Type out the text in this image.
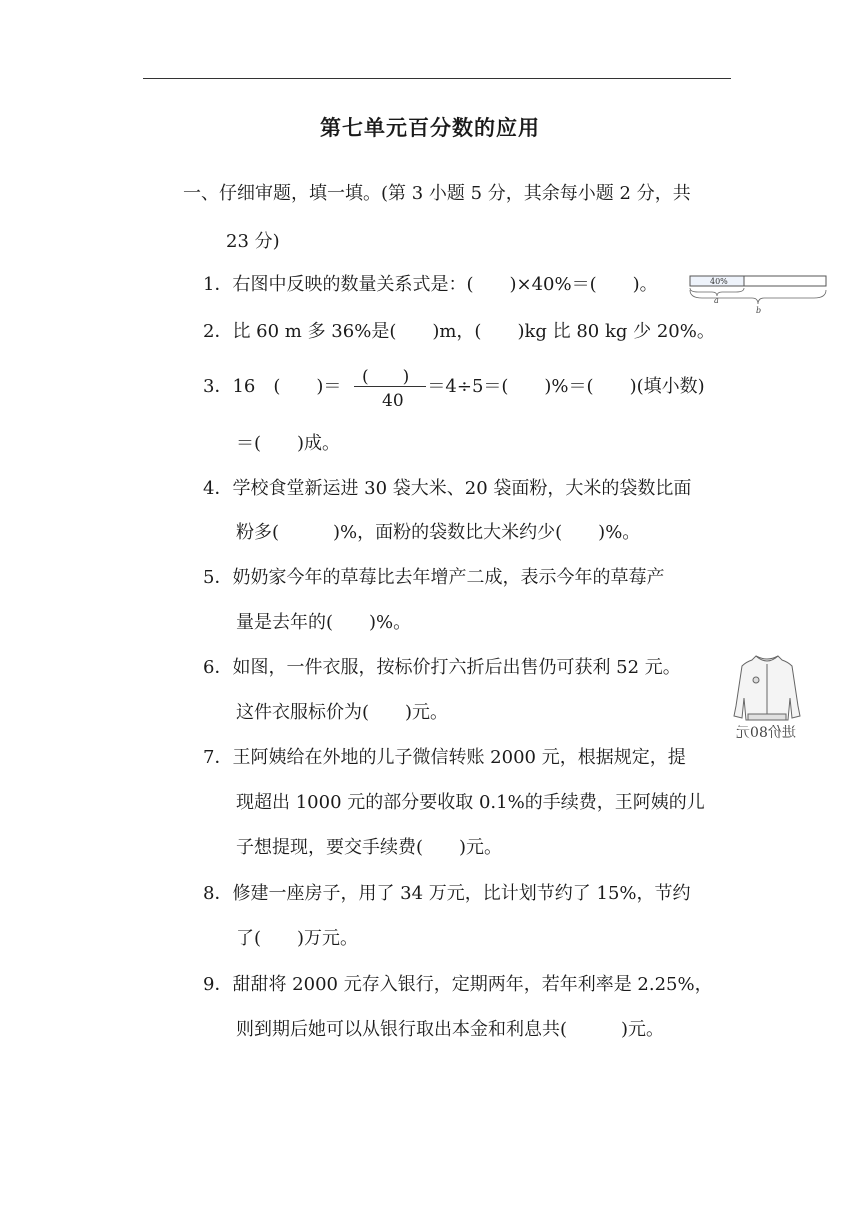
第七单元百分数的应用
一、仔细审题，填一填。(第 3 小题 5 分，其余每小题 2 分，共
23 分)
1．右图中反映的数量关系式是：(　　)×40%＝(　　)。	40%
a
b
2．比 60 m 多 36%是(　　)m，(　　)kg 比 80 kg 少 20%。
3．16　(　　)＝	＝4÷5＝(　　)%＝(　　)(填小数)
(　　)
40
＝(　　)成。
4．学校食堂新运进 30 袋大米、20 袋面粉，大米的袋数比面
粉多(　　　)%，面粉的袋数比大米约少(　　)%。
5．奶奶家今年的草莓比去年增产二成，表示今年的草莓产
量是去年的(　　)%。
6．如图，一件衣服，按标价打六折后出售仍可获利 52 元。
这件衣服标价为(　　)元。
进价80元
7．王阿姨给在外地的儿子微信转账 2000 元，根据规定，提
现超出 1000 元的部分要收取 0.1%的手续费，王阿姨的儿
子想提现，要交手续费(　　)元。
8．修建一座房子，用了 34 万元，比计划节约了 15%，节约
了(　　)万元。
9．甜甜将 2000 元存入银行，定期两年，若年利率是 2.25%，
则到期后她可以从银行取出本金和利息共(　　　)元。
